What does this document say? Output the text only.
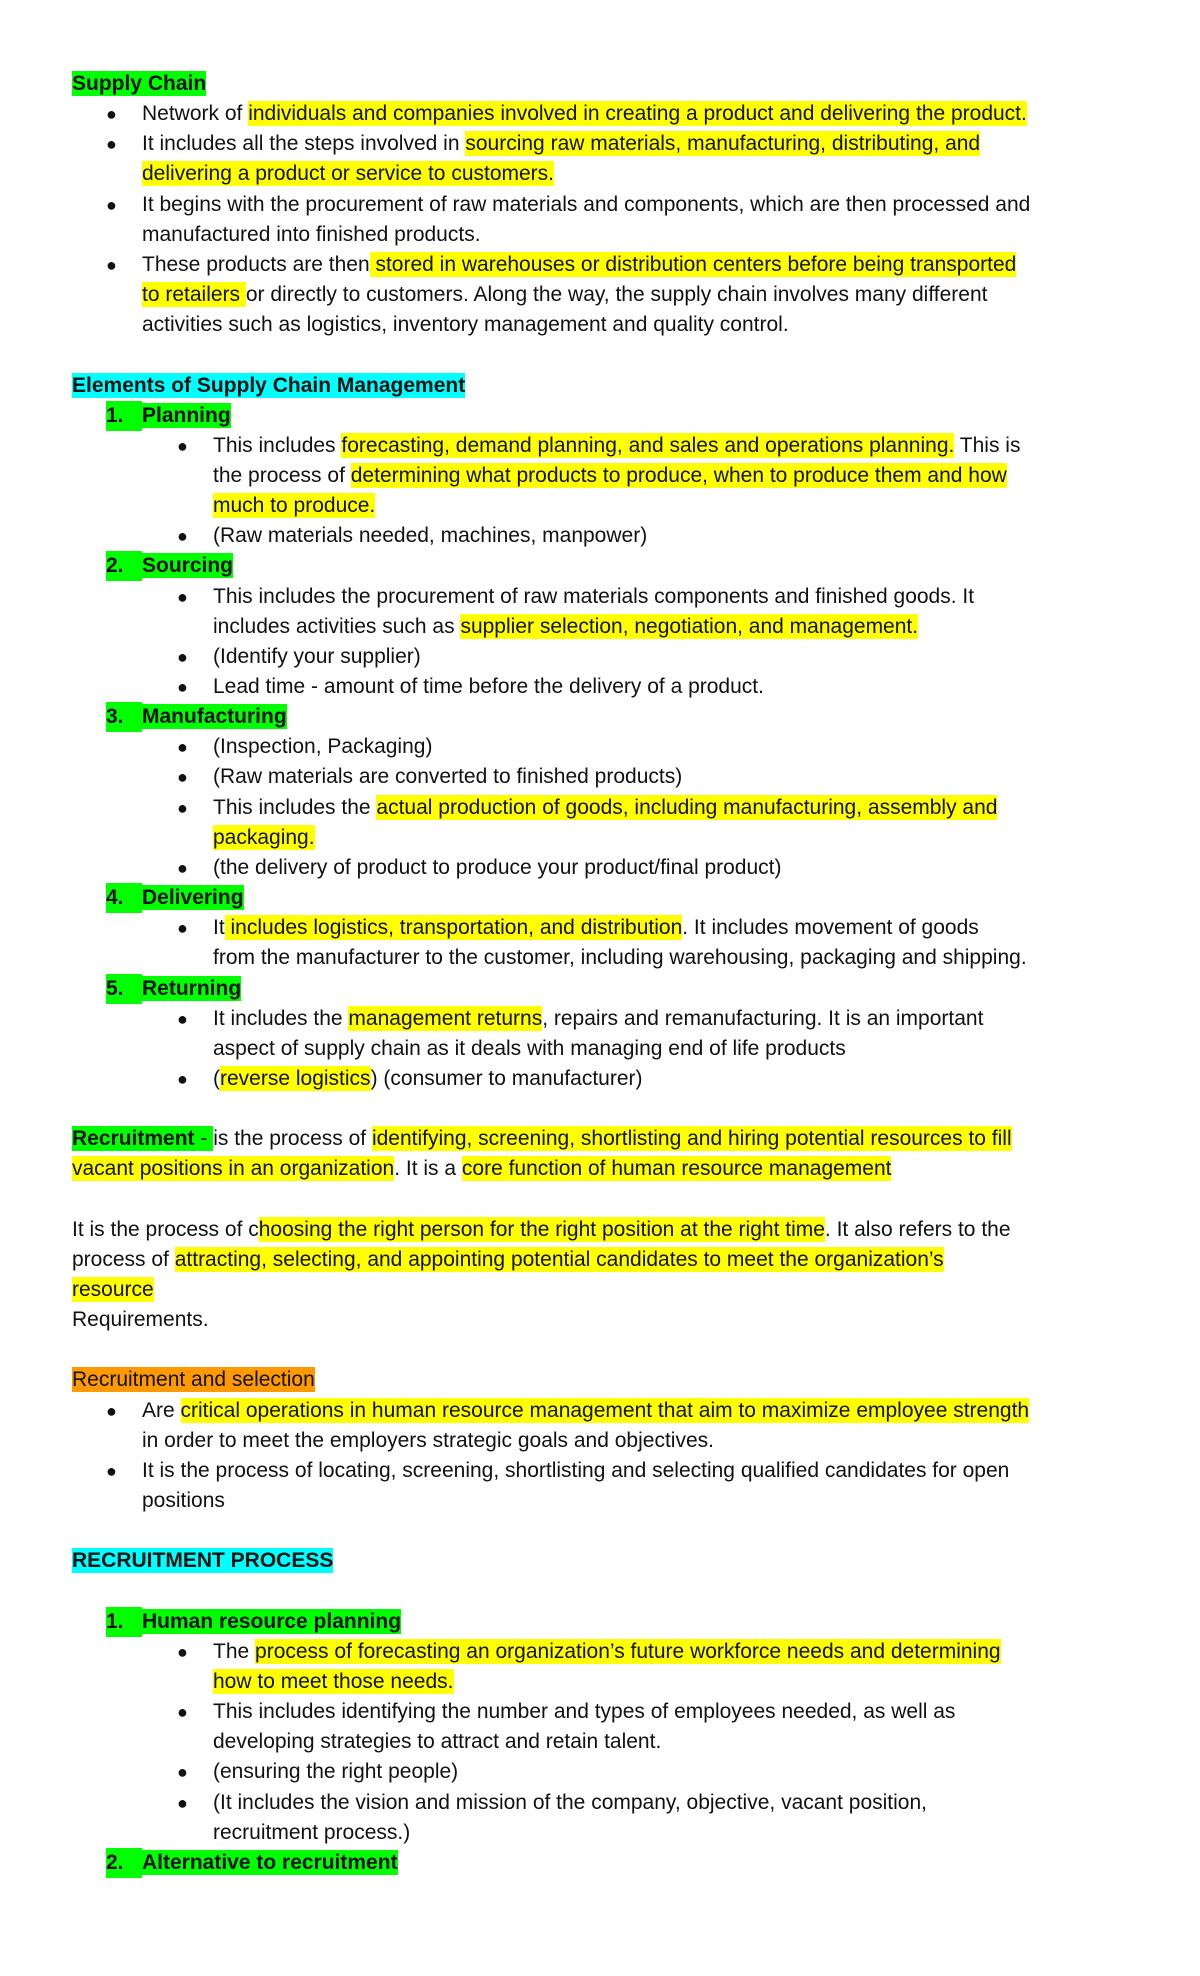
Supply Chain
● Network of individuals and companies involved in creating a product and delivering the product.
● It includes all the steps involved in sourcing raw materials, manufacturing, distributing, and
delivering a product or service to customers.
● It begins with the procurement of raw materials and components, which are then processed and
manufactured into finished products.
● These products are then stored in warehouses or distribution centers before being transported
to retailers or directly to customers. Along the way, the supply chain involves many different
activities such as logistics, inventory management and quality control.
Elements of Supply Chain Management
1. Planning
● This includes forecasting, demand planning, and sales and operations planning. This is
the process of determining what products to produce, when to produce them and how
much to produce.
● (Raw materials needed, machines, manpower)
2. Sourcing
● This includes the procurement of raw materials components and finished goods. It
includes activities such as supplier selection, negotiation, and management.
● (Identify your supplier)
● Lead time - amount of time before the delivery of a product.
3. Manufacturing
● (Inspection, Packaging)
● (Raw materials are converted to finished products)
● This includes the actual production of goods, including manufacturing, assembly and
packaging.
● (the delivery of product to produce your product/final product)
4. Delivering
● It includes logistics, transportation, and distribution. It includes movement of goods
from the manufacturer to the customer, including warehousing, packaging and shipping.
5. Returning
● It includes the management returns, repairs and remanufacturing. It is an important
aspect of supply chain as it deals with managing end of life products
● (reverse logistics) (consumer to manufacturer)
Recruitment - is the process of identifying, screening, shortlisting and hiring potential resources to fill
vacant positions in an organization. It is a core function of human resource management
It is the process of choosing the right person for the right position at the right time. It also refers to the
process of attracting, selecting, and appointing potential candidates to meet the organization’s
resource
Requirements.
Recruitment and selection
● Are critical operations in human resource management that aim to maximize employee strength
in order to meet the employers strategic goals and objectives.
● It is the process of locating, screening, shortlisting and selecting qualified candidates for open
positions
RECRUITMENT PROCESS
1. Human resource planning
● The process of forecasting an organization’s future workforce needs and determining
how to meet those needs.
● This includes identifying the number and types of employees needed, as well as
developing strategies to attract and retain talent.
● (ensuring the right people)
● (It includes the vision and mission of the company, objective, vacant position,
recruitment process.)
2. Alternative to recruitment
